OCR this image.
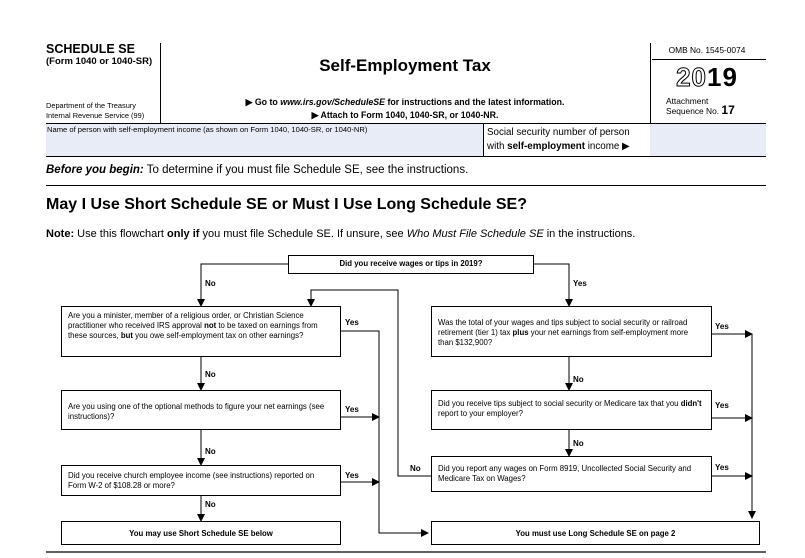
SCHEDULE SE
(Form 1040 or 1040-SR)
Department of the Treasury
Internal Revenue Service (99)
Self-Employment Tax
▶ Go to www.irs.gov/ScheduleSE for instructions and the latest information.
▶ Attach to Form 1040, 1040-SR, or 1040-NR.
OMB No. 1545-0074
2019
Attachment
Sequence No. 17
Name of person with self-employment income (as shown on Form 1040, 1040-SR, or 1040-NR)	Social security number of person
with self-employment income ▶
Before you begin: To determine if you must file Schedule SE, see the instructions.
May I Use Short Schedule SE or Must I Use Long Schedule SE?
Note: Use this flowchart only if you must file Schedule SE. If unsure, see Who Must File Schedule SE in the instructions.
Did you receive wages or tips in 2019?
Are you a minister, member of a religious order, or Christian Science practitioner who received IRS approval not to be taxed on earnings from these sources, but you owe self-employment tax on other earnings?
Are you using one of the optional methods to figure your net earnings (see instructions)?
Did you receive church employee income (see instructions) reported on Form W-2 of $108.28 or more?
You may use Short Schedule SE below
Was the total of your wages and tips subject to social security or railroad retirement (tier 1) tax plus your net earnings from self-employment more than $132,900?
Did you receive tips subject to social security or Medicare tax that you didn't report to your employer?
Did you report any wages on Form 8919, Uncollected Social Security and Medicare Tax on Wages?
You must use Long Schedule SE on page 2
No	Yes
Yes
No
Yes
No
Yes
No
Yes
No
Yes
No
Yes
No
